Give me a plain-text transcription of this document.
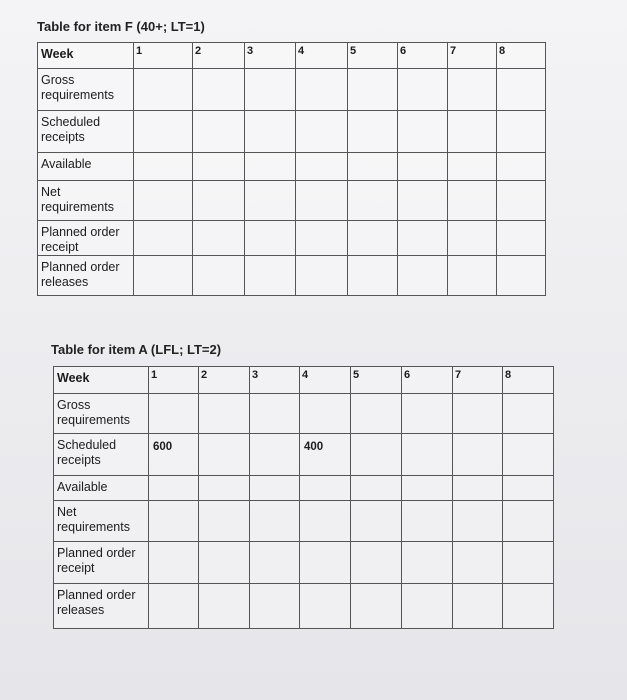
Table for item F (40+; LT=1)
Week	1	2	3	4	5	6	7	8
Gross requirements								
Scheduled receipts								
Available								
Net requirements								
Planned order receipt								
Planned order releases								
Table for item A (LFL; LT=2)
Week	1	2	3	4	5	6	7	8
Gross requirements								
Scheduled receipts	600			400				
Available								
Net requirements								
Planned order receipt								
Planned order releases								
